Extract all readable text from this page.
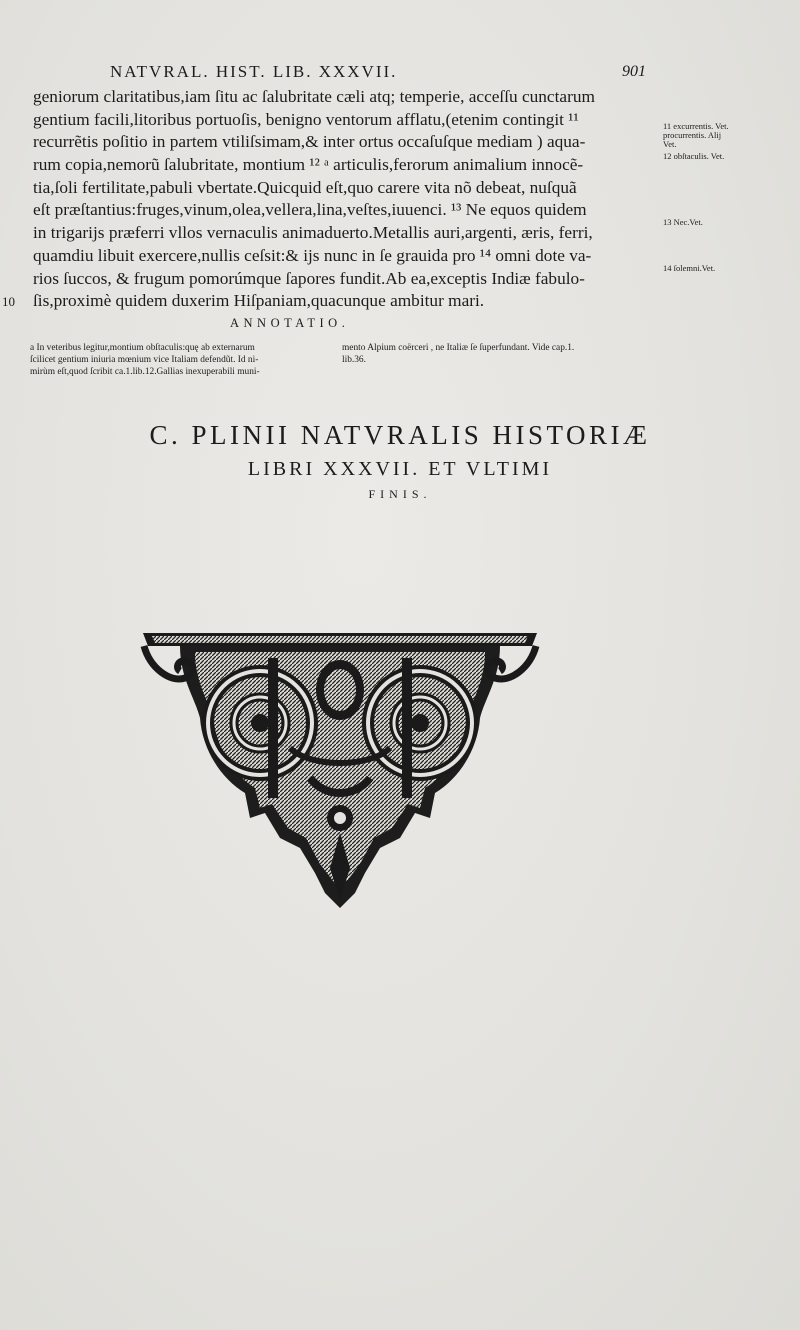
NATVRAL. HIST. LIB. XXXVII.	901
geniorum claritatibus,iam ſitu ac ſalubritate cæli atq; temperie, acceſſu cunctarum
gentium facili,litoribus portuoſis, benigno ventorum afflatu,(etenim contingit ¹¹
recurrẽtis poſitio in partem vtiliſsimam,& inter ortus occaſuſque mediam ) aqua-
rum copia,nemorũ ſalubritate, montium ¹² ᵃ articulis,ferorum animalium innocẽ-
tia,ſoli fertilitate,pabuli vbertate.Quicquid eſt,quo carere vita nõ debeat, nuſquã
eſt præſtantius:fruges,vinum,olea,vellera,lina,veſtes,iuuenci. ¹³ Ne equos quidem
in trigarijs præferri vllos vernaculis animaduerto.Metallis auri,argenti, æris, ferri,
quamdiu libuit exercere,nullis ceſsit:& ijs nunc in ſe grauida pro ¹⁴ omni dote va-
rios ſuccos, & frugum pomorúmque ſapores fundit.Ab ea,exceptis Indiæ fabulo-
10 ſis,proximè quidem duxerim Hiſpaniam,quacunque ambitur mari.
11 excurrentis. Vet.
procurrentis. Alij
Vet.
12 obſtaculis. Vet.
13 Nec.Vet.
14 ſolemni.Vet.
ANNOTATIO.
a In veteribus legitur,montium obſtaculis:quę ab externarum
ſcilicet gentium iniuria mœnium vice Italiam defendũt. Id ni-
mirùm eſt,quod ſcribit ca.1.lib.12.Gallias inexuperabili muni-
mento Alpium coërceri , ne Italiæ ſe ſuperfundant. Vide cap.1.
lib.36.
C. PLINII NATVRALIS HISTORIÆ
LIBRI XXXVII. ET VLTIMI
FINIS.
